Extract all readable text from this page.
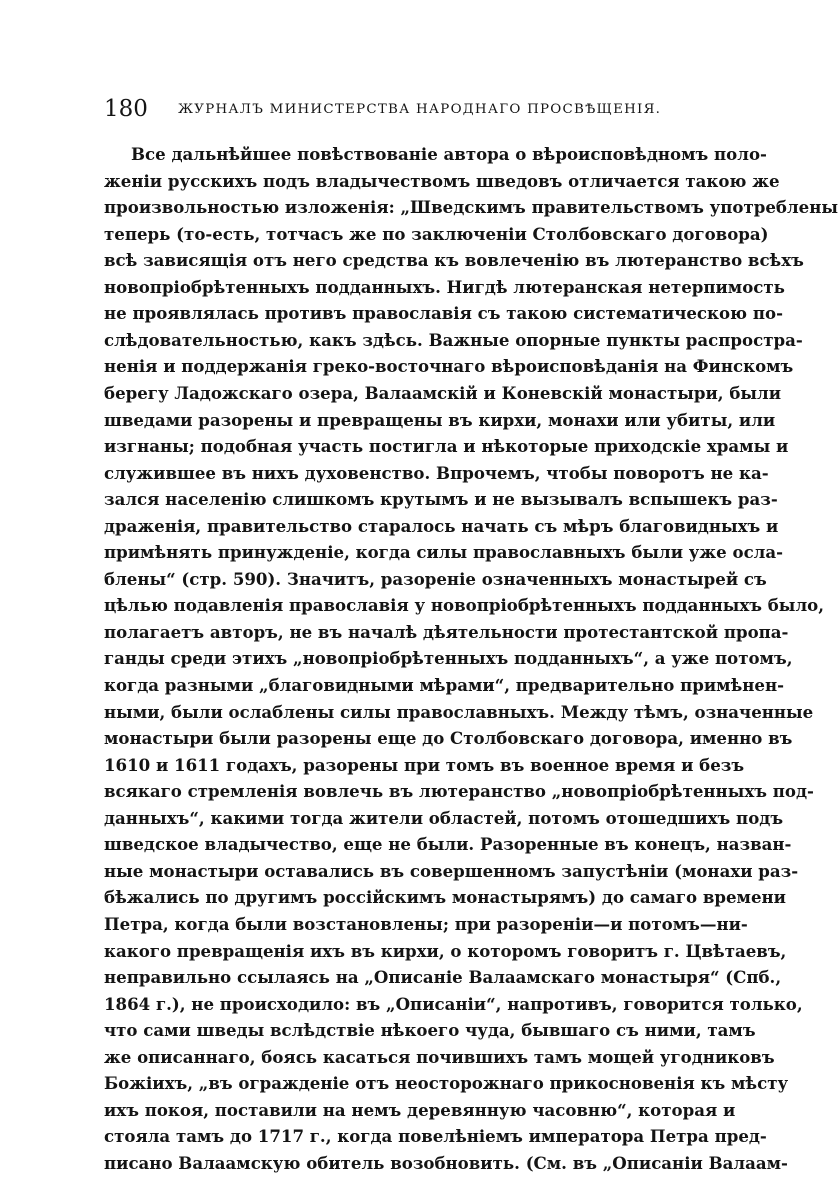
180 ЖУРНАЛЪ МИНИСТЕРСТВА НАРОДНАГО ПРОСВѢЩЕНІЯ.
Все дальнѣйшее повѣствованіе автора о вѣроисповѣдномъ поло-
женіи русскихъ подъ владычествомъ шведовъ отличается такою же
произвольностью изложенія: „Шведскимъ правительствомъ употреблены
теперь (то-есть, тотчасъ же по заключеніи Столбовскаго договора)
всѣ зависящія отъ него средства къ вовлеченію въ лютеранство всѣхъ
новопріобрѣтенныхъ подданныхъ. Нигдѣ лютеранская нетерпимость
не проявлялась противъ православія съ такою систематическою по-
слѣдовательностью, какъ здѣсь. Важные опорные пункты распростра-
ненія и поддержанія греко-восточнаго вѣроисповѣданія на Финскомъ
берегу Ладожскаго озера, Валаамскій и Коневскій монастыри, были
шведами разорены и превращены въ кирхи, монахи или убиты, или
изгнаны; подобная участь постигла и нѣкоторые приходскіе храмы и
служившее въ нихъ духовенство. Впрочемъ, чтобы поворотъ не ка-
зался населенію слишкомъ крутымъ и не вызывалъ вспышекъ раз-
драженія, правительство старалось начать съ мѣръ благовидныхъ и
примѣнять принужденіе, когда силы православныхъ были уже осла-
блены“ (стр. 590). Значитъ, разореніе означенныхъ монастырей съ
цѣлью подавленія православія у новопріобрѣтенныхъ подданныхъ было,
полагаетъ авторъ, не въ началѣ дѣятельности протестантской пропа-
ганды среди этихъ „новопріобрѣтенныхъ подданныхъ“, а уже потомъ,
когда разными „благовидными мѣрами“, предварительно примѣнен-
ными, были ослаблены силы православныхъ. Между тѣмъ, означенные
монастыри были разорены еще до Столбовскаго договора, именно въ
1610 и 1611 годахъ, разорены при томъ въ военное время и безъ
всякаго стремленія вовлечь въ лютеранство „новопріобрѣтенныхъ под-
данныхъ“, какими тогда жители областей, потомъ отошедшихъ подъ
шведское владычество, еще не были. Разоренные въ конецъ, назван-
ные монастыри оставались въ совершенномъ запустѣніи (монахи раз-
бѣжались по другимъ россійскимъ монастырямъ) до самаго времени
Петра, когда были возстановлены; при разореніи—и потомъ—ни-
какого превращенія ихъ въ кирхи, о которомъ говоритъ г. Цвѣтаевъ,
неправильно ссылаясь на „Описаніе Валаамскаго монастыря“ (Спб.,
1864 г.), не происходило: въ „Описаніи“, напротивъ, говорится только,
что сами шведы вслѣдствіе нѣкоего чуда, бывшаго съ ними, тамъ
же описаннаго, боясь касаться почившихъ тамъ мощей угодниковъ
Божіихъ, „въ огражденіе отъ неосторожнаго прикосновенія къ мѣсту
ихъ покоя, поставили на немъ деревянную часовню“, которая и
стояла тамъ до 1717 г., когда повелѣніемъ императора Петра пред-
писано Валаамскую обитель возобновить. (См. въ „Описаніи Валаам-
